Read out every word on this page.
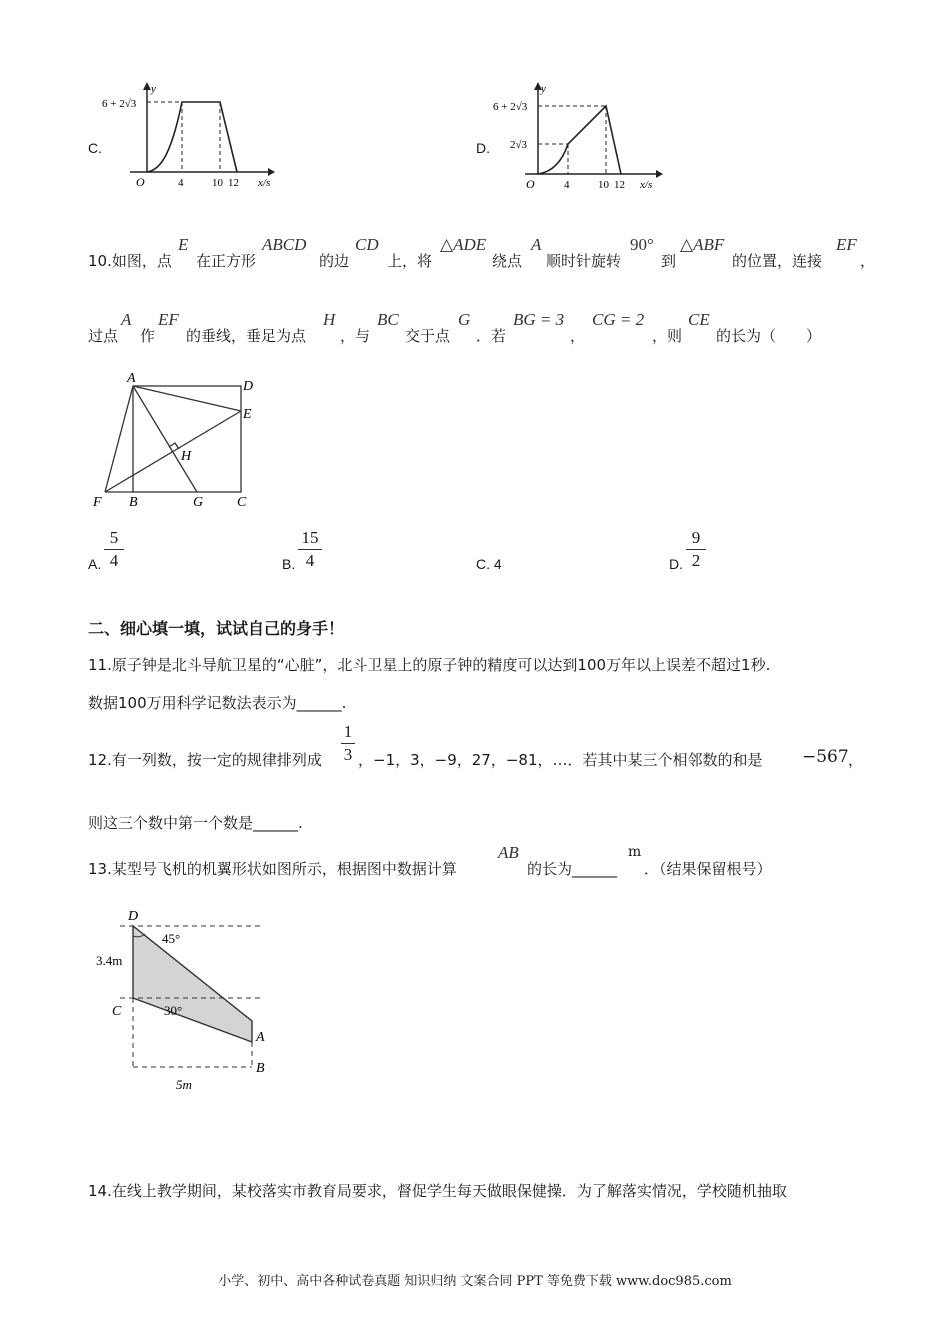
C.
6 + 2√3
y
O	4	10 12 x/s
D.
6 + 2√3
2√3
y
O	4	10 12 x/s
10.如图，点
E
在正方形
ABCD
的边
CD
上，将
△ADE
绕点
A
顺时针旋转
90°
到
△ABF
的位置，连接
EF
，
过点
A
作
EF
的垂线，垂足为点
H
，与
BC
交于点
G
．若
BG = 3
，
CG = 2
，则
CE
的长为（　　）
A
D
E
H
F B	G C
A.
5
4	B.
15
4	C. 4	D.
9
2
二、细心填一填，试试自己的身手！
11.原子钟是北斗导航卫星的“心脏”，北斗卫星上的原子钟的精度可以达到100万年以上误差不超过1秒.
数据100万用科学记数法表示为______.
12.有一列数，按一定的规律排列成
1
3 ，−1，3，−9，27，−81，…．若其中某三个相邻数的和是 −567 ，
则这三个数中第一个数是______.
13.某型号飞机的机翼形状如图所示，根据图中数据计算
AB
的长为______
m
．（结果保留根号）
D
45°
3.4m
C	30°
A
B
5m
14.在线上教学期间，某校落实市教育局要求，督促学生每天做眼保健操．为了解落实情况，学校随机抽取
小学、初中、高中各种试卷真题 知识归纳 文案合同 PPT 等免费下载 www.doc985.com
